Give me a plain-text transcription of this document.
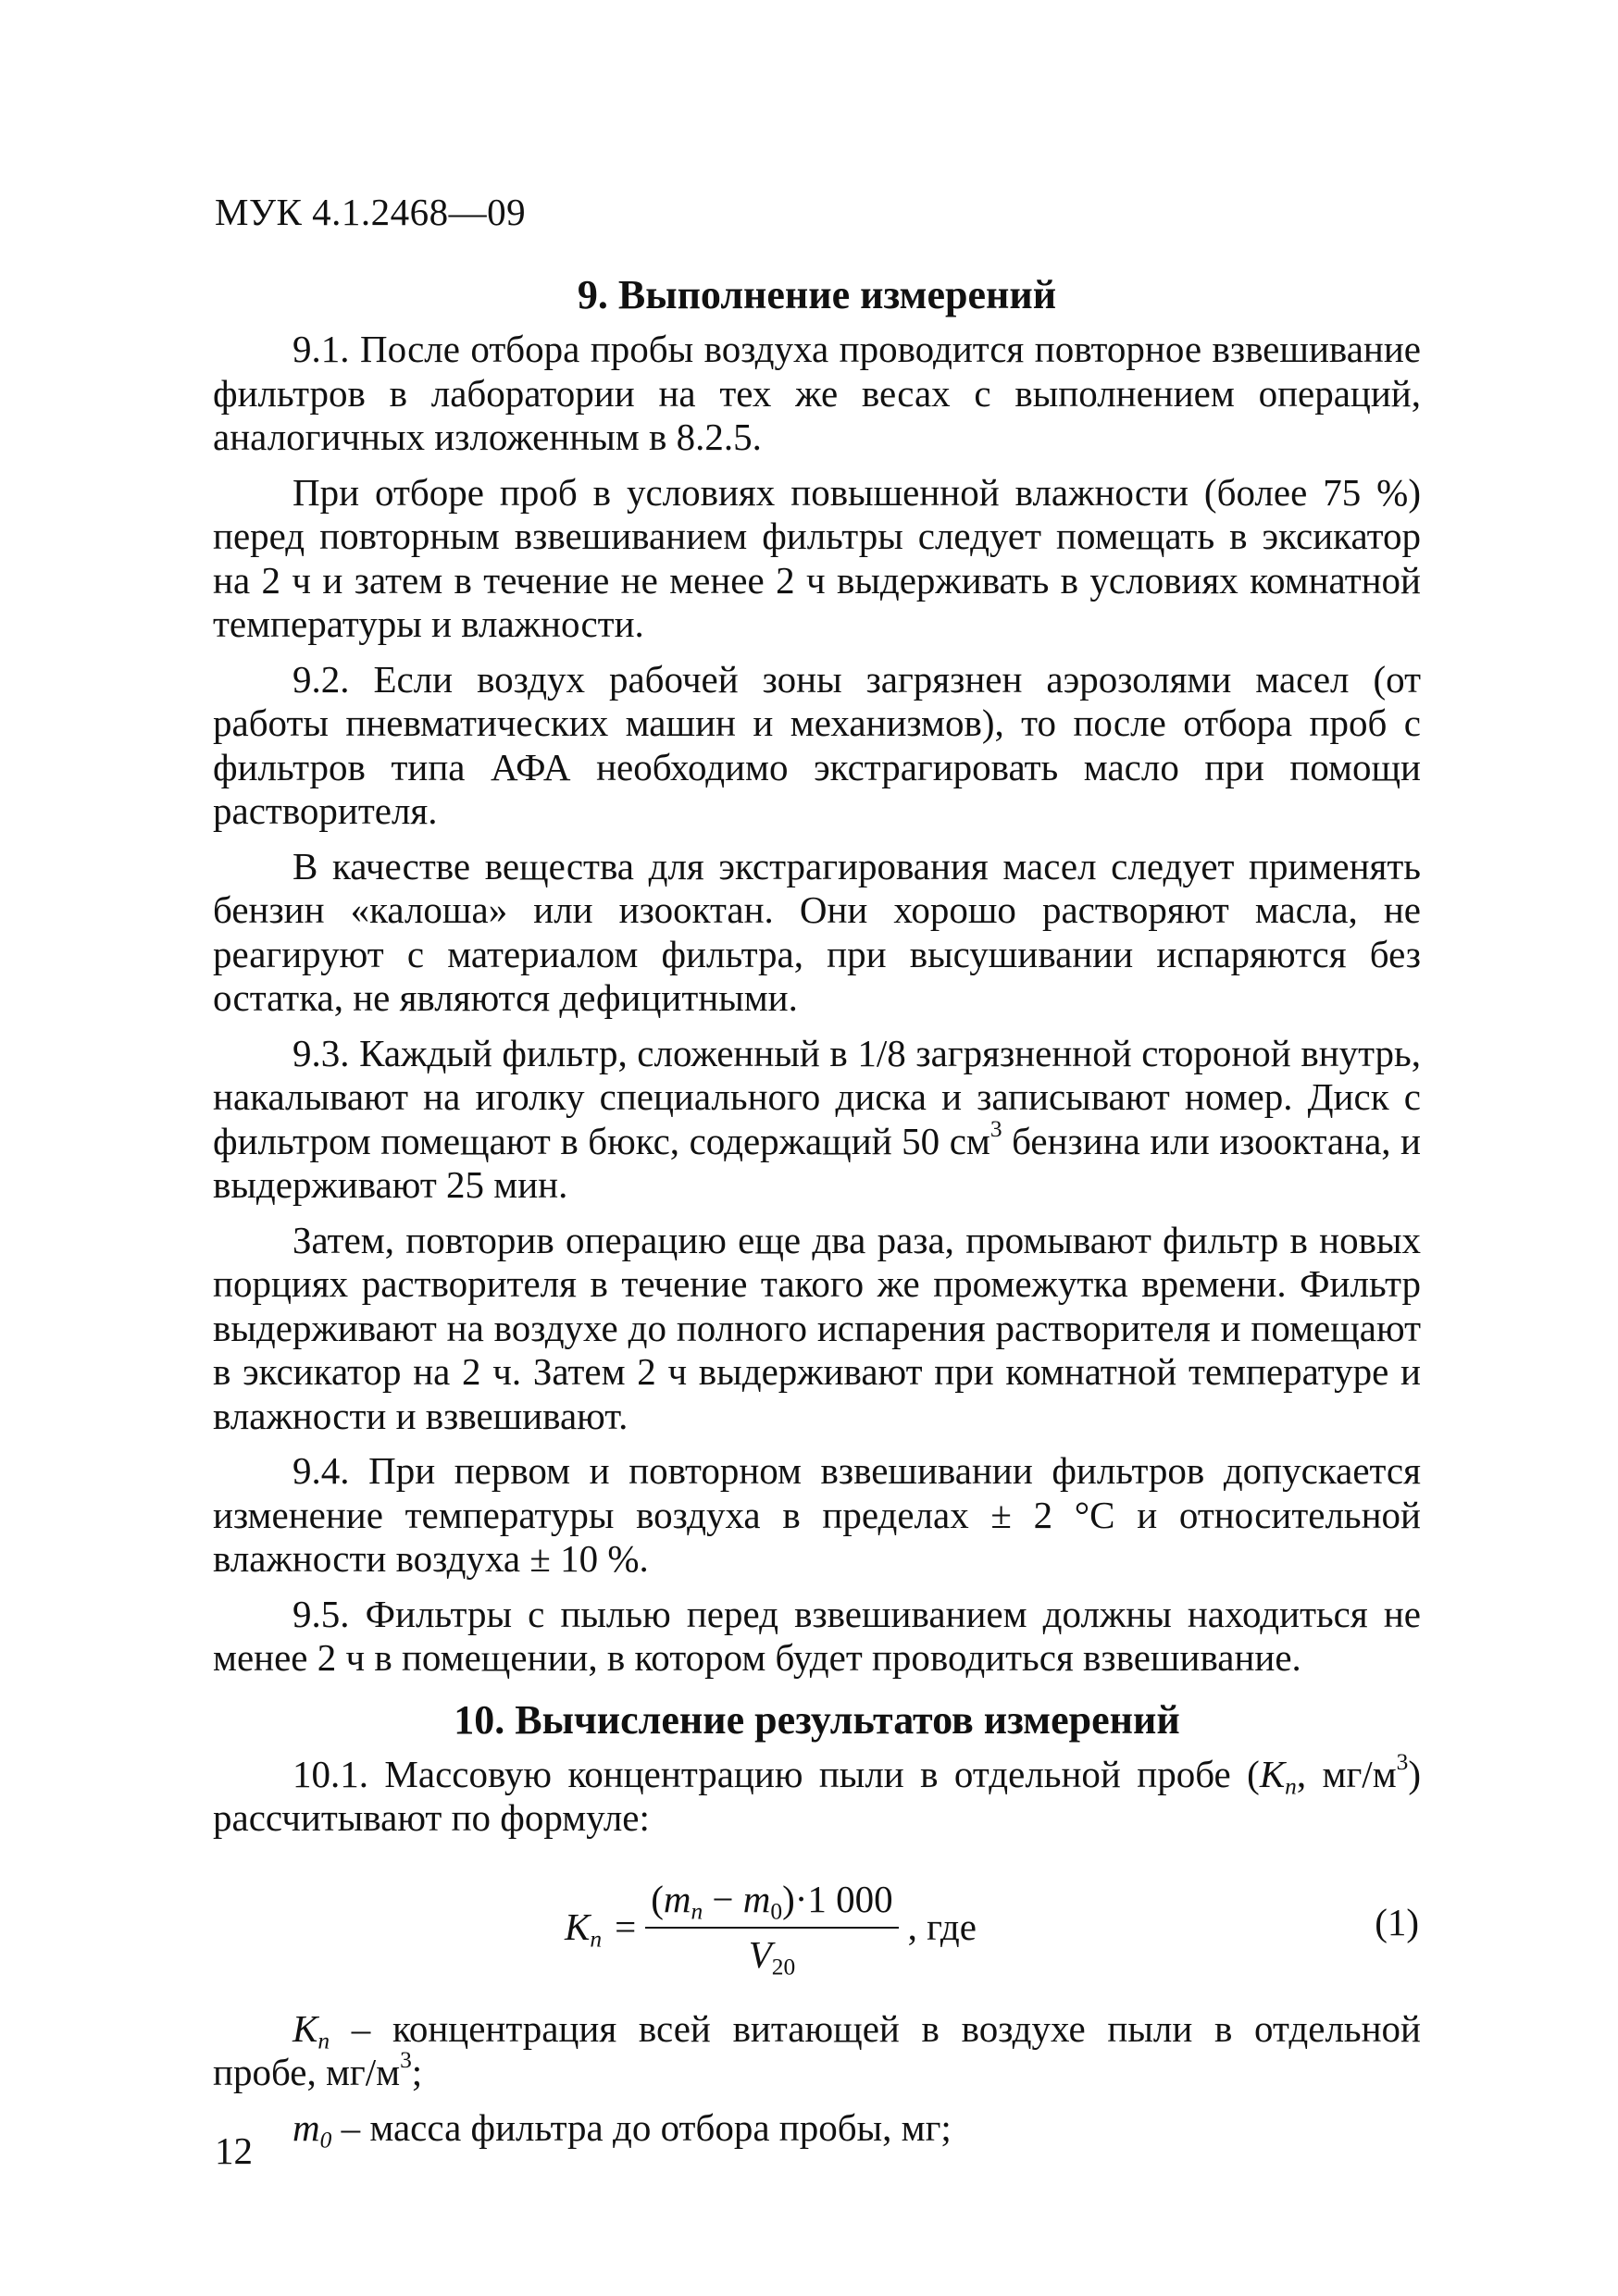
МУК 4.1.2468—09
9. Выполнение измерений

9.1. После отбора пробы воздуха проводится повторное взвешивание фильтров в лаборатории на тех же весах с выполнением операций, аналогичных изложенным в 8.2.5.

При отборе проб в условиях повышенной влажности (более 75 %) перед повторным взвешиванием фильтры следует помещать в эксикатор на 2 ч и затем в течение не менее 2 ч выдерживать в условиях комнатной температуры и влажности.

9.2. Если воздух рабочей зоны загрязнен аэрозолями масел (от работы пневматических машин и механизмов), то после отбора проб с фильтров типа АФА необходимо экстрагировать масло при помощи растворителя.

В качестве вещества для экстрагирования масел следует применять бензин «калоша» или изооктан. Они хорошо растворяют масла, не реагируют с материалом фильтра, при высушивании испаряются без остатка, не являются дефицитными.

9.3. Каждый фильтр, сложенный в 1/8 загрязненной стороной внутрь, накалывают на иголку специального диска и записывают номер. Диск с фильтром помещают в бюкс, содержащий 50 $см^3$ бензина или изооктана, и выдерживают 25 мин.

Затем, повторив операцию еще два раза, промывают фильтр в новых порциях растворителя в течение такого же промежутка времени. Фильтр выдерживают на воздухе до полного испарения растворителя и помещают в эксикатор на 2 ч. Затем 2 ч выдерживают при комнатной температуре и влажности и взвешивают.

9.4. При первом и повторном взвешивании фильтров допускается изменение температуры воздуха в пределах ± 2 °С и относительной влажности воздуха ± 10 %.

9.5. Фильтры с пылью перед взвешиванием должны находиться не менее 2 ч в помещении, в котором будет проводиться взвешивание.

10. Вычисление результатов измерений

10.1. Массовую концентрацию пыли в отдельной пробе ($K_n$, $мг/м^3$) рассчитывают по формуле:

$K_n = \frac{(m_n - m_0)\cdot 1 000}{V_{20}}$ , где	(1)

$K_n$ – концентрация всей витающей в воздухе пыли в отдельной пробе, $мг/м^3$;

$m_0$ – масса фильтра до отбора пробы, мг;

12
